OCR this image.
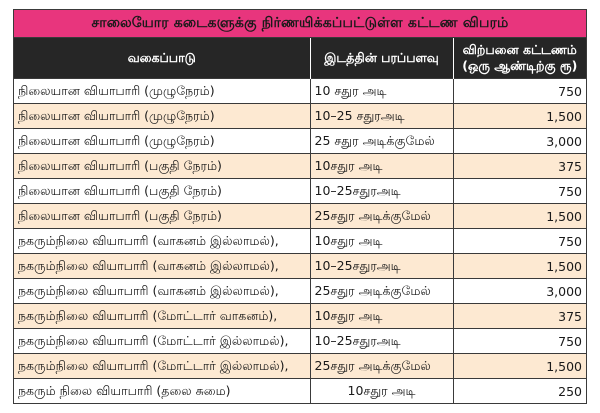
சாலையோர கடைகளுக்கு நிர்ணயிக்கப்பட்டுள்ள கட்டண விபரம்
வகைப்பாடு	இடத்தின் பரப்பளவு	விற்பனை கட்டணம்
(ஒரு ஆண்டிற்கு ரூ)

நிலையான வியாபாரி (முழுநேரம்)	10 சதுர அடி	750
நிலையான வியாபாரி (முழுநேரம்)	10–25 சதுரஅடி	1,500
நிலையான வியாபாரி (முழுநேரம்)	25 சதுர அடிக்குமேல்	3,000
நிலையான வியாபாரி (பகுதி நேரம்)	10சதுர அடி	375
நிலையான வியாபாரி (பகுதி நேரம்)	10–25சதுரஅடி	750
நிலையான வியாபாரி (பகுதி நேரம்)	25சதுர அடிக்குமேல்	1,500
நகரும்நிலை வியாபாரி (வாகனம் இல்லாமல்),	10சதுர அடி	750
நகரும்நிலை வியாபாரி (வாகனம் இல்லாமல்),	10–25சதுரஅடி	1,500
நகரும்நிலை வியாபாரி (வாகனம் இல்லாமல்),	25சதுர அடிக்குமேல்	3,000
நகரும்நிலை வியாபாரி (மோட்டார் வாகனம்),	10சதுர அடி	375
நகரும்நிலை வியாபாரி (மோட்டார் இல்லாமல்),	10–25சதுரஅடி	750
நகரும்நிலை வியாபாரி (மோட்டார் இல்லாமல்),	25சதுர அடிக்குமேல்	1,500
நகரும் நிலை வியாபாரி (தலை சுமை)	10சதுர அடி	250
